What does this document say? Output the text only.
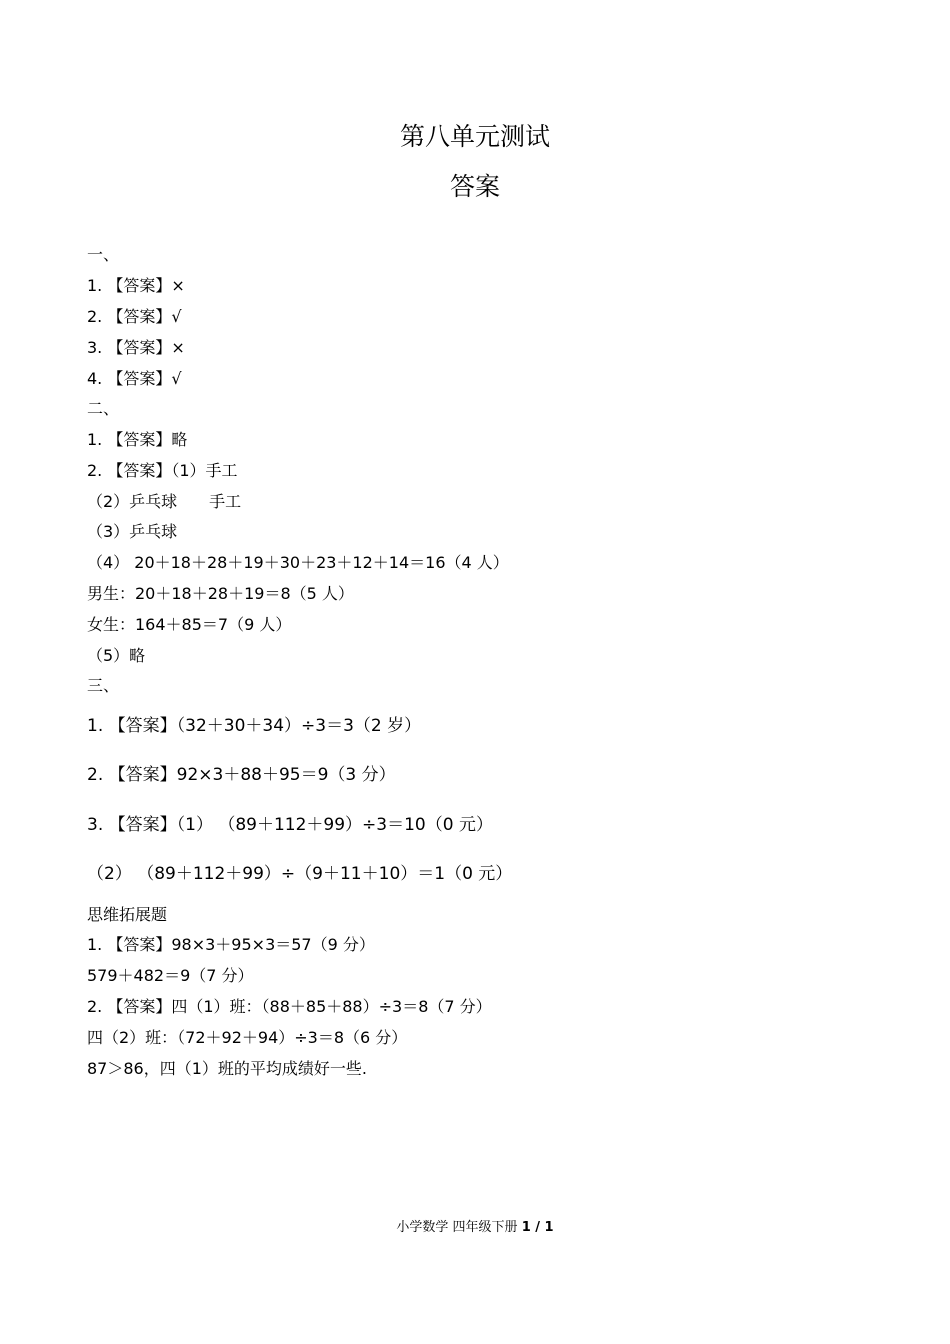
第八单元测试
答案
一、
1. 【答案】×
2. 【答案】√
3. 【答案】×
4. 【答案】√
二、
1. 【答案】略
2. 【答案】（1）手工
（2）乒乓球　　手工
（3）乒乓球
（4） 20＋18＋28＋19＋30＋23＋12＋14＝16（4 人）
男生：20＋18＋28＋19＝8（5 人）
女生：164＋85＝7（9 人）
（5）略
三、
1. 【答案】（32＋30＋34）÷3＝3（2 岁）
2. 【答案】92×3＋88＋95＝9（3 分）
3. 【答案】（1） （89＋112＋99）÷3＝10（0 元）
（2） （89＋112＋99）÷（9＋11＋10）＝1（0 元）
思维拓展题
1. 【答案】98×3＋95×3＝57（9 分）
579＋482＝9（7 分）
2. 【答案】四（1）班：（88＋85＋88）÷3＝8（7 分）
四（2）班：（72＋92＋94）÷3＝8（6 分）
87＞86，四（1）班的平均成绩好一些.
小学数学 四年级下册 1 / 1
